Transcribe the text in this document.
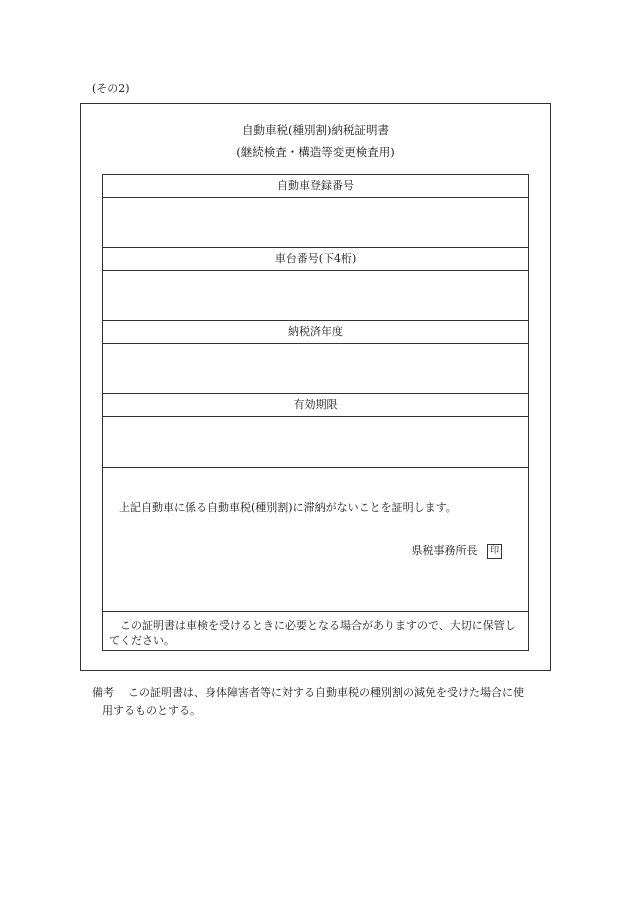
(その2)
自動車税(種別割)納税証明書
(継続検査・構造等変更検査用)
自動車登録番号
車台番号(下4桁)
納税済年度
有効期限
上記自動車に係る自動車税(種別割)に滞納がないことを証明します。
県税事務所長 印
この証明書は車検を受けるときに必要となる場合がありますので、大切に保管してください。
備考 この証明書は、身体障害者等に対する自動車税の種別割の減免を受けた場合に使
用するものとする。
